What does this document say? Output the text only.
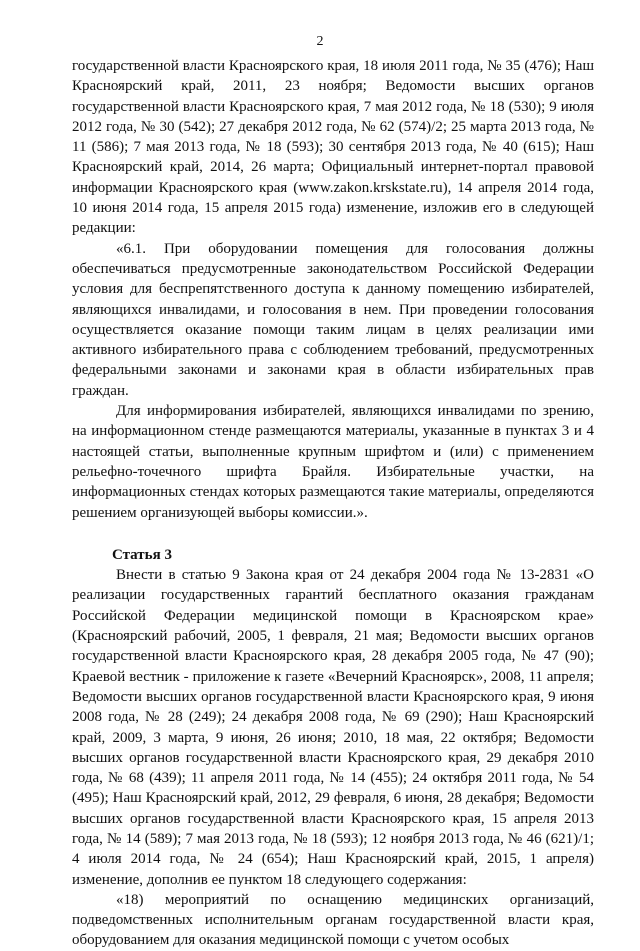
2

государственной власти Красноярского края, 18 июля 2011 года, № 35 (476); Наш Красноярский край, 2011, 23 ноября; Ведомости высших органов государственной власти Красноярского края, 7 мая 2012 года, № 18 (530); 9 июля 2012 года, № 30 (542); 27 декабря 2012 года, № 62 (574)/2; 25 марта 2013 года, № 11 (586); 7 мая 2013 года, № 18 (593); 30 сентября 2013 года, № 40 (615); Наш Красноярский край, 2014, 26 марта; Официальный интернет-портал правовой информации Красноярского края (www.zakon.krskstate.ru), 14 апреля 2014 года, 10 июня 2014 года, 15 апреля 2015 года) изменение, изложив его в следующей редакции:

«6.1. При оборудовании помещения для голосования должны обеспечиваться предусмотренные законодательством Российской Федерации условия для беспрепятственного доступа к данному помещению избирателей, являющихся инвалидами, и голосования в нем. При проведении голосования осуществляется оказание помощи таким лицам в целях реализации ими активного избирательного права с соблюдением требований, предусмотренных федеральными законами и законами края в области избирательных прав граждан.

Для информирования избирателей, являющихся инвалидами по зрению, на информационном стенде размещаются материалы, указанные в пунктах 3 и 4 настоящей статьи, выполненные крупным шрифтом и (или) с применением рельефно-точечного шрифта Брайля. Избирательные участки, на информационных стендах которых размещаются такие материалы, определяются решением организующей выборы комиссии.».

Статья 3

Внести в статью 9 Закона края от 24 декабря 2004 года № 13-2831 «О реализации государственных гарантий бесплатного оказания гражданам Российской Федерации медицинской помощи в Красноярском крае» (Красноярский рабочий, 2005, 1 февраля, 21 мая; Ведомости высших органов государственной власти Красноярского края, 28 декабря 2005 года, № 47 (90); Краевой вестник - приложение к газете «Вечерний Красноярск», 2008, 11 апреля; Ведомости высших органов государственной власти Красноярского края, 9 июня 2008 года, № 28 (249); 24 декабря 2008 года, № 69 (290); Наш Красноярский край, 2009, 3 марта, 9 июня, 26 июня; 2010, 18 мая, 22 октября; Ведомости высших органов государственной власти Красноярского края, 29 декабря 2010 года, № 68 (439); 11 апреля 2011 года, № 14 (455); 24 октября 2011 года, № 54 (495); Наш Красноярский край, 2012, 29 февраля, 6 июня, 28 декабря; Ведомости высших органов государственной власти Красноярского края, 15 апреля 2013 года, № 14 (589); 7 мая 2013 года, № 18 (593); 12 ноября 2013 года, № 46 (621)/1; 4 июля 2014 года, № 24 (654); Наш Красноярский край, 2015, 1 апреля) изменение, дополнив ее пунктом 18 следующего содержания:

«18) мероприятий по оснащению медицинских организаций, подведомственных исполнительным органам государственной власти края, оборудованием для оказания медицинской помощи с учетом особых
